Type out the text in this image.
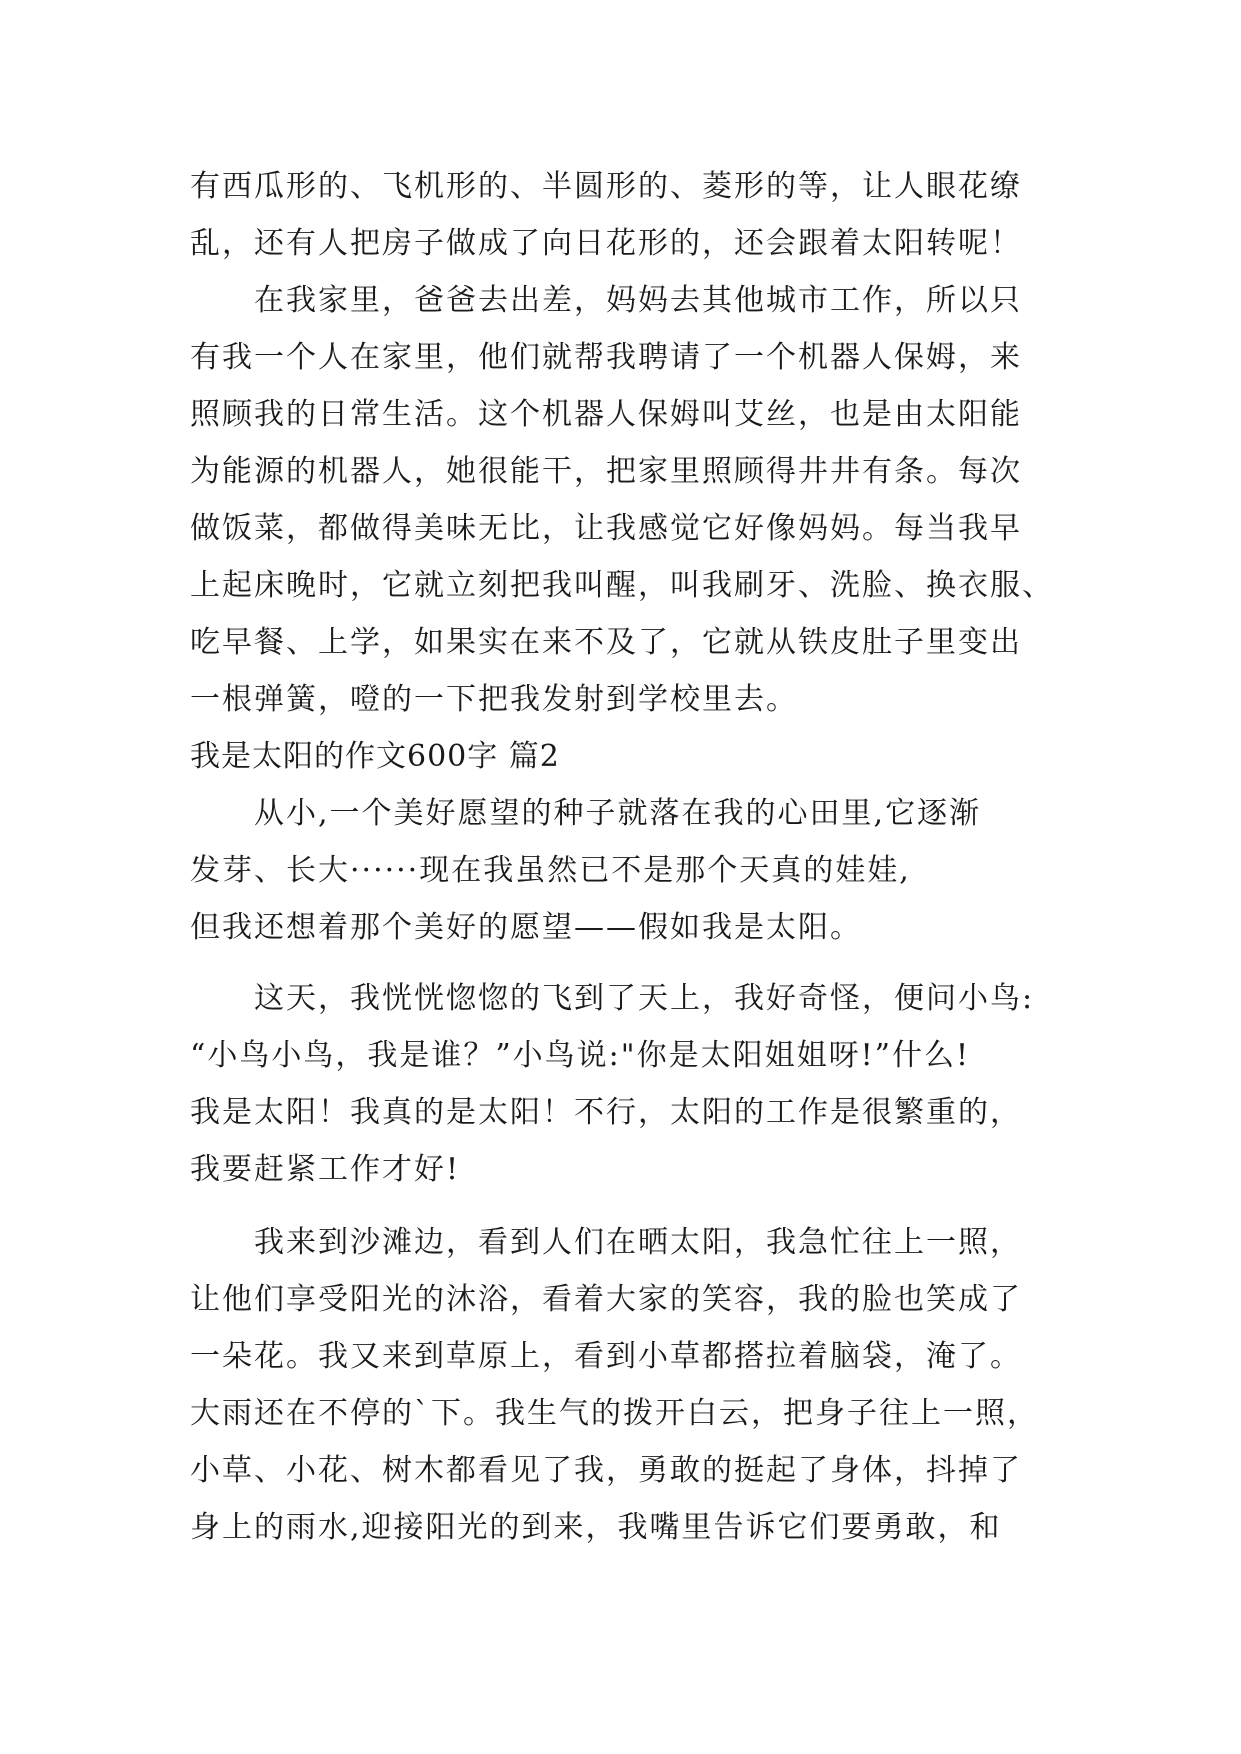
有西瓜形的、飞机形的、半圆形的、菱形的等，让人眼花缭
乱，还有人把房子做成了向日花形的，还会跟着太阳转呢！
在我家里，爸爸去出差，妈妈去其他城市工作，所以只
有我一个人在家里，他们就帮我聘请了一个机器人保姆，来
照顾我的日常生活。这个机器人保姆叫艾丝，也是由太阳能
为能源的机器人，她很能干，把家里照顾得井井有条。每次
做饭菜，都做得美味无比，让我感觉它好像妈妈。每当我早
上起床晚时，它就立刻把我叫醒，叫我刷牙、洗脸、换衣服、
吃早餐、上学，如果实在来不及了，它就从铁皮肚子里变出
一根弹簧，噔的一下把我发射到学校里去。
我是太阳的作文600字 篇2
从小,一个美好愿望的种子就落在我的心田里,它逐渐
发芽、长大······现在我虽然已不是那个天真的娃娃,
但我还想着那个美好的愿望——假如我是太阳。
这天，我恍恍惚惚的飞到了天上，我好奇怪，便问小鸟:
“小鸟小鸟，我是谁？”小鸟说:"你是太阳姐姐呀!”什么!
我是太阳！我真的是太阳！不行，太阳的工作是很繁重的，
我要赶紧工作才好!
我来到沙滩边，看到人们在晒太阳，我急忙往上一照，
让他们享受阳光的沐浴，看着大家的笑容，我的脸也笑成了
一朵花。我又来到草原上，看到小草都搭拉着脑袋，淹了。
大雨还在不停的`下。我生气的拨开白云，把身子往上一照，
小草、小花、树木都看见了我，勇敢的挺起了身体，抖掉了
身上的雨水,迎接阳光的到来，我嘴里告诉它们要勇敢，和
